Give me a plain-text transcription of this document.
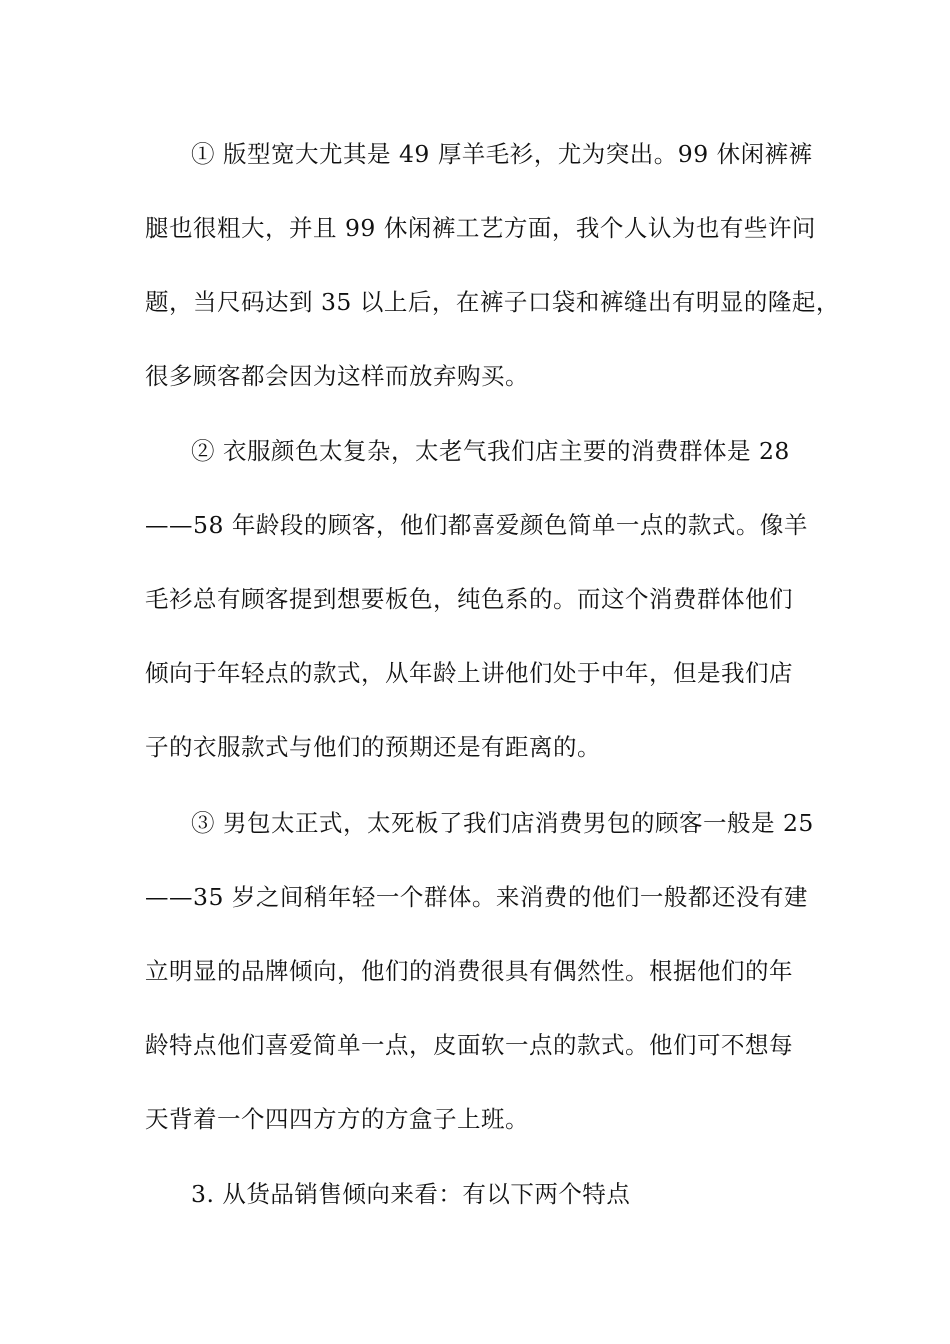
① 版型宽大尤其是 49 厚羊毛衫，尤为突出。99 休闲裤裤
腿也很粗大，并且 99 休闲裤工艺方面，我个人认为也有些许问
题，当尺码达到 35 以上后，在裤子口袋和裤缝出有明显的隆起，
很多顾客都会因为这样而放弃购买。
② 衣服颜色太复杂，太老气我们店主要的消费群体是 28
——58 年龄段的顾客，他们都喜爱颜色简单一点的款式。像羊
毛衫总有顾客提到想要板色，纯色系的。而这个消费群体他们
倾向于年轻点的款式，从年龄上讲他们处于中年，但是我们店
子的衣服款式与他们的预期还是有距离的。
③ 男包太正式，太死板了我们店消费男包的顾客一般是 25
——35 岁之间稍年轻一个群体。来消费的他们一般都还没有建
立明显的品牌倾向，他们的消费很具有偶然性。根据他们的年
龄特点他们喜爱简单一点，皮面软一点的款式。他们可不想每
天背着一个四四方方的方盒子上班。
3. 从货品销售倾向来看：有以下两个特点
